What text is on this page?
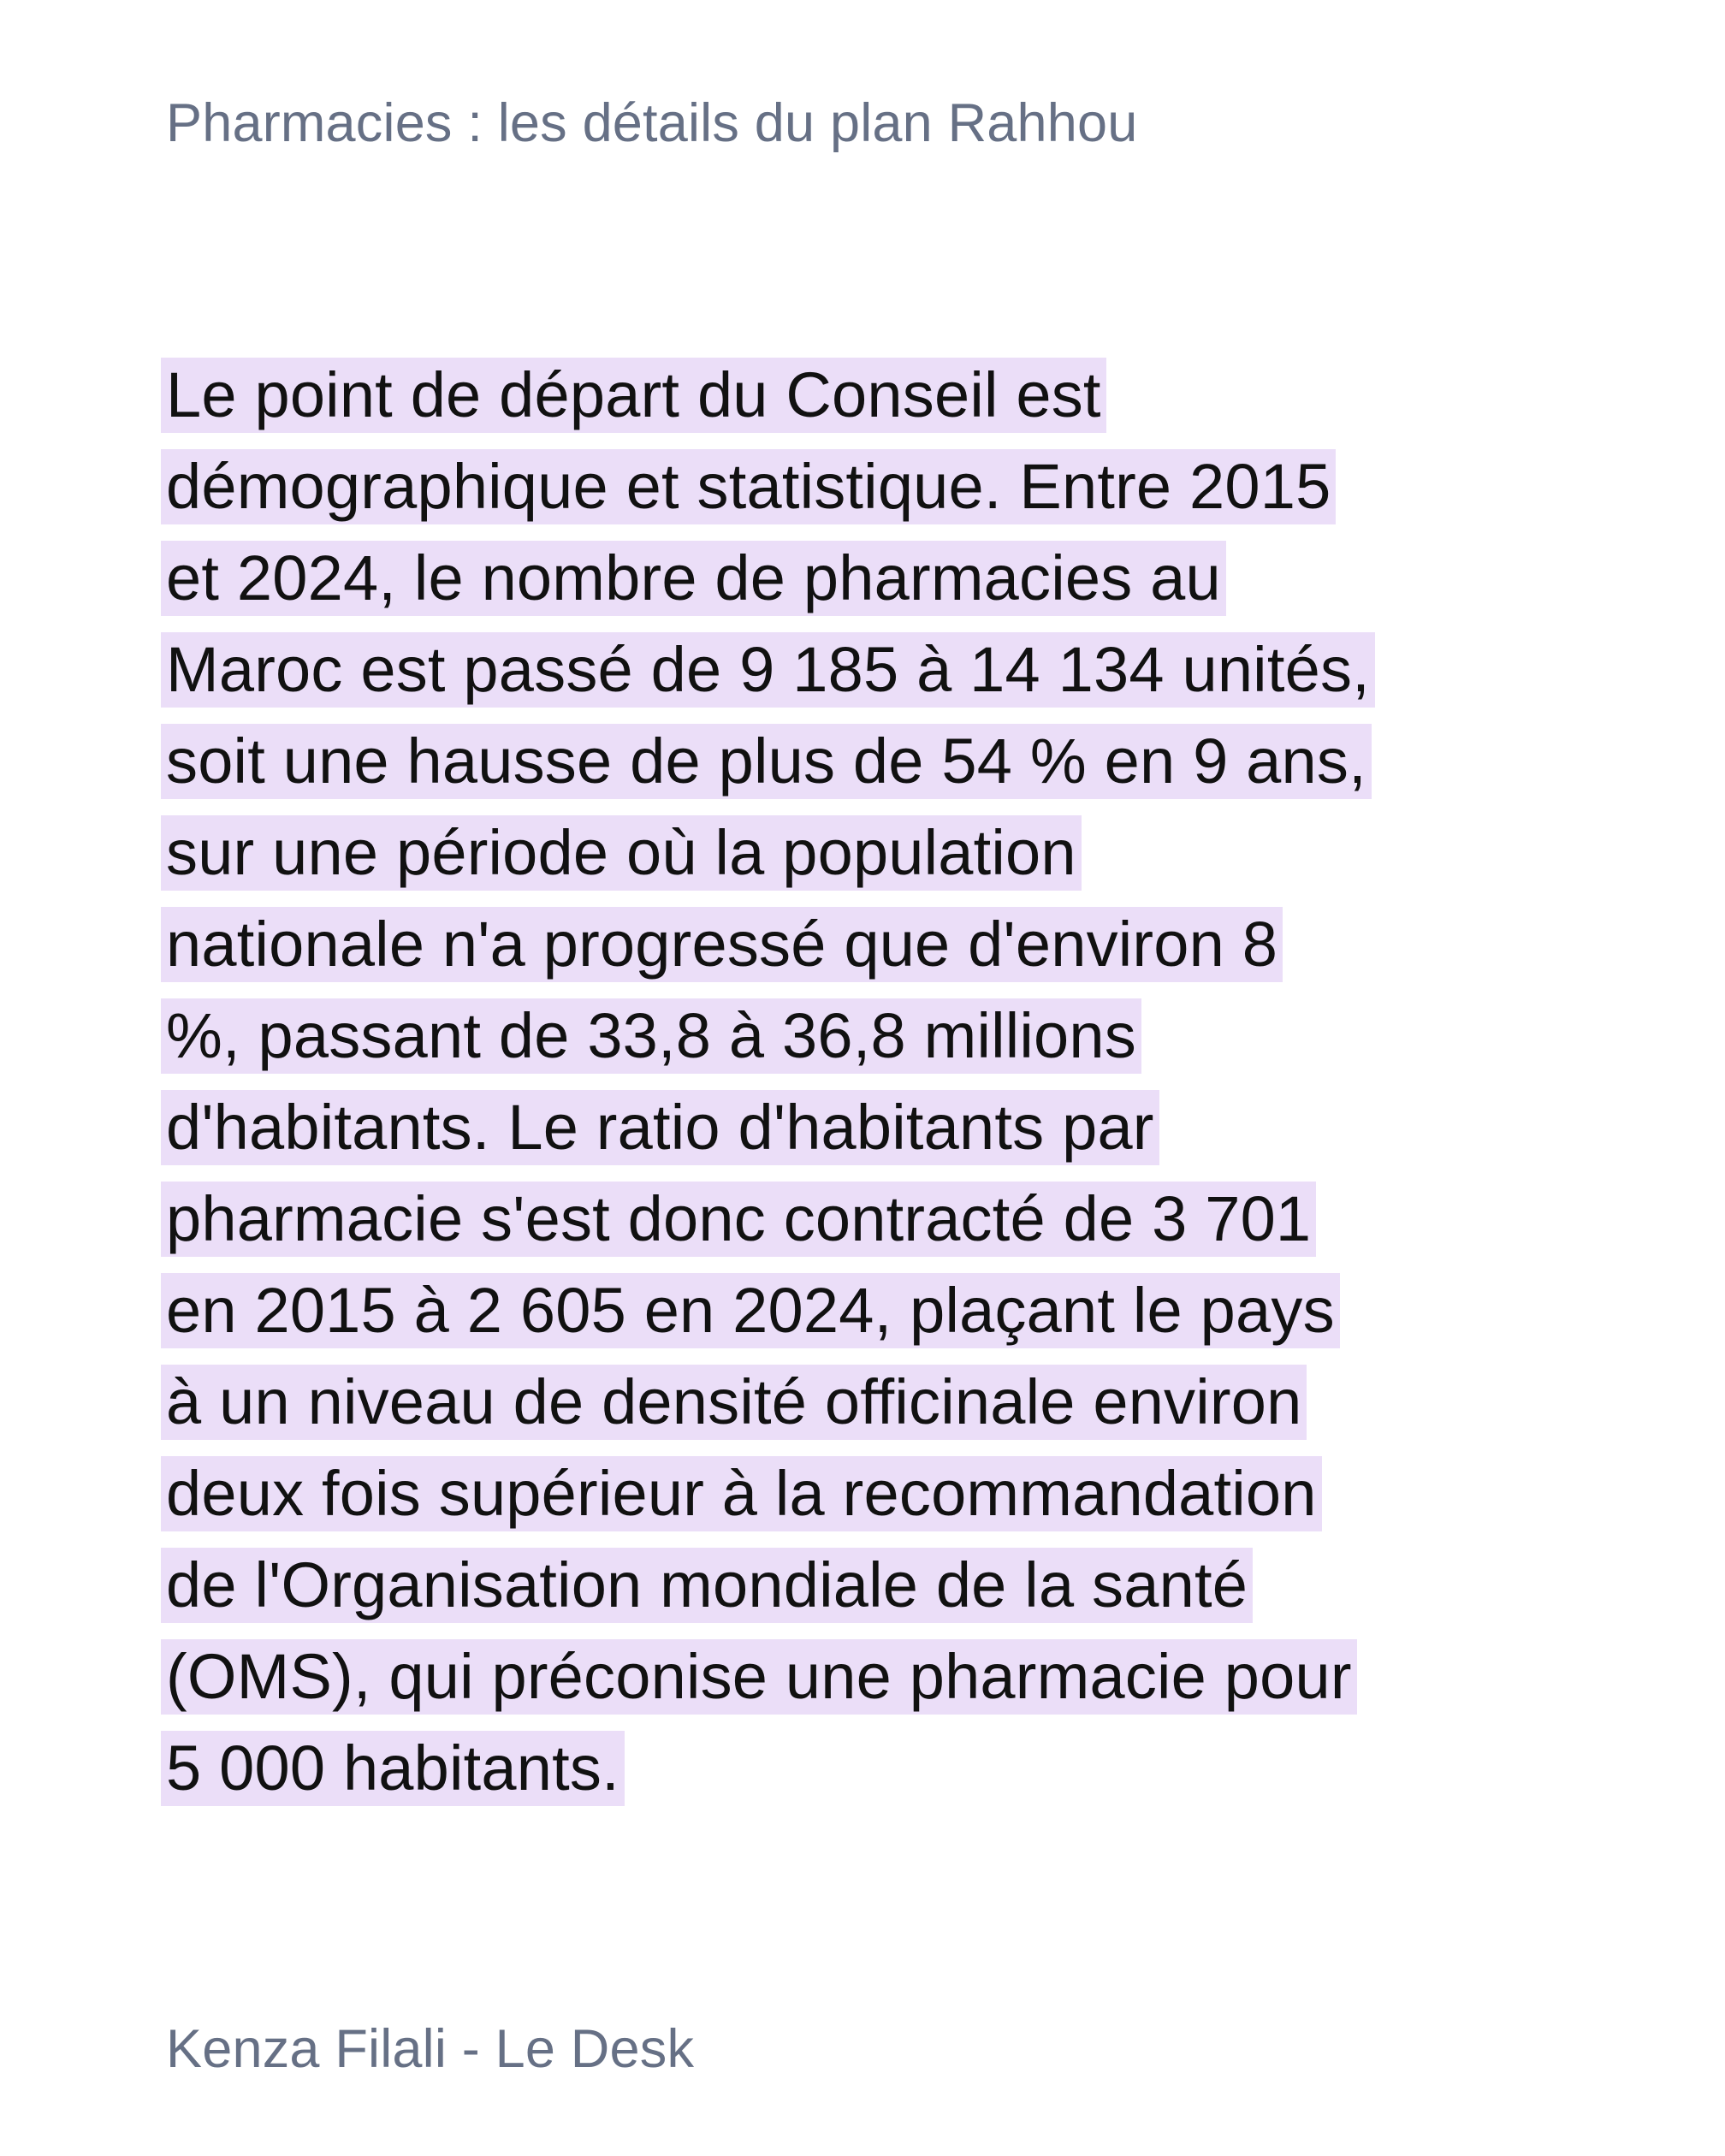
Pharmacies : les détails du plan Rahhou
Le point de départ du Conseil est
démographique et statistique. Entre 2015
et 2024, le nombre de pharmacies au
Maroc est passé de 9 185 à 14 134 unités,
soit une hausse de plus de 54 % en 9 ans,
sur une période où la population
nationale n'a progressé que d'environ 8
%, passant de 33,8 à 36,8 millions
d'habitants. Le ratio d'habitants par
pharmacie s'est donc contracté de 3 701
en 2015 à 2 605 en 2024, plaçant le pays
à un niveau de densité officinale environ
deux fois supérieur à la recommandation
de l'Organisation mondiale de la santé
(OMS), qui préconise une pharmacie pour
5 000 habitants.
Kenza Filali - Le Desk
